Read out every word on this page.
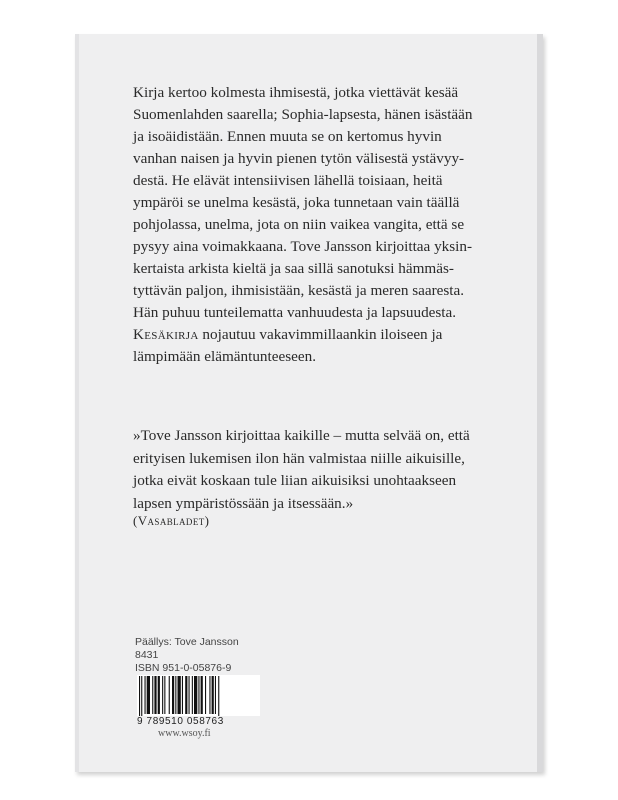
Kirja kertoo kolmesta ihmisestä, jotka viettävät kesää

Suomenlahden saarella; Sophia-lapsesta, hänen isästään

ja isoäidistään. Ennen muuta se on kertomus hyvin

vanhan naisen ja hyvin pienen tytön välisestä ystävyy-

destä. He elävät intensiivisen lähellä toisiaan, heitä

ympäröi se unelma kesästä, joka tunnetaan vain täällä

pohjolassa, unelma, jota on niin vaikea vangita, että se

pysyy aina voimakkaana. Tove Jansson kirjoittaa yksin-

kertaista arkista kieltä ja saa sillä sanotuksi hämmäs-

tyttävän paljon, ihmisistään, kesästä ja meren saaresta.

Hän puhuu tunteilematta vanhuudesta ja lapsuudesta.

Kesäkirja nojautuu vakavimmillaankin iloiseen ja

lämpimään elämäntunteeseen.

»Tove Jansson kirjoittaa kaikille – mutta selvää on, että

erityisen lukemisen ilon hän valmistaa niille aikuisille,

jotka eivät koskaan tule liian aikuisiksi unohtaakseen

lapsen ympäristössään ja itsessään.»

(Vasabladet)
Päällys: Tove Jansson
8431
ISBN 951-0-05876-9
9 789510 058763
www.wsoy.fi
